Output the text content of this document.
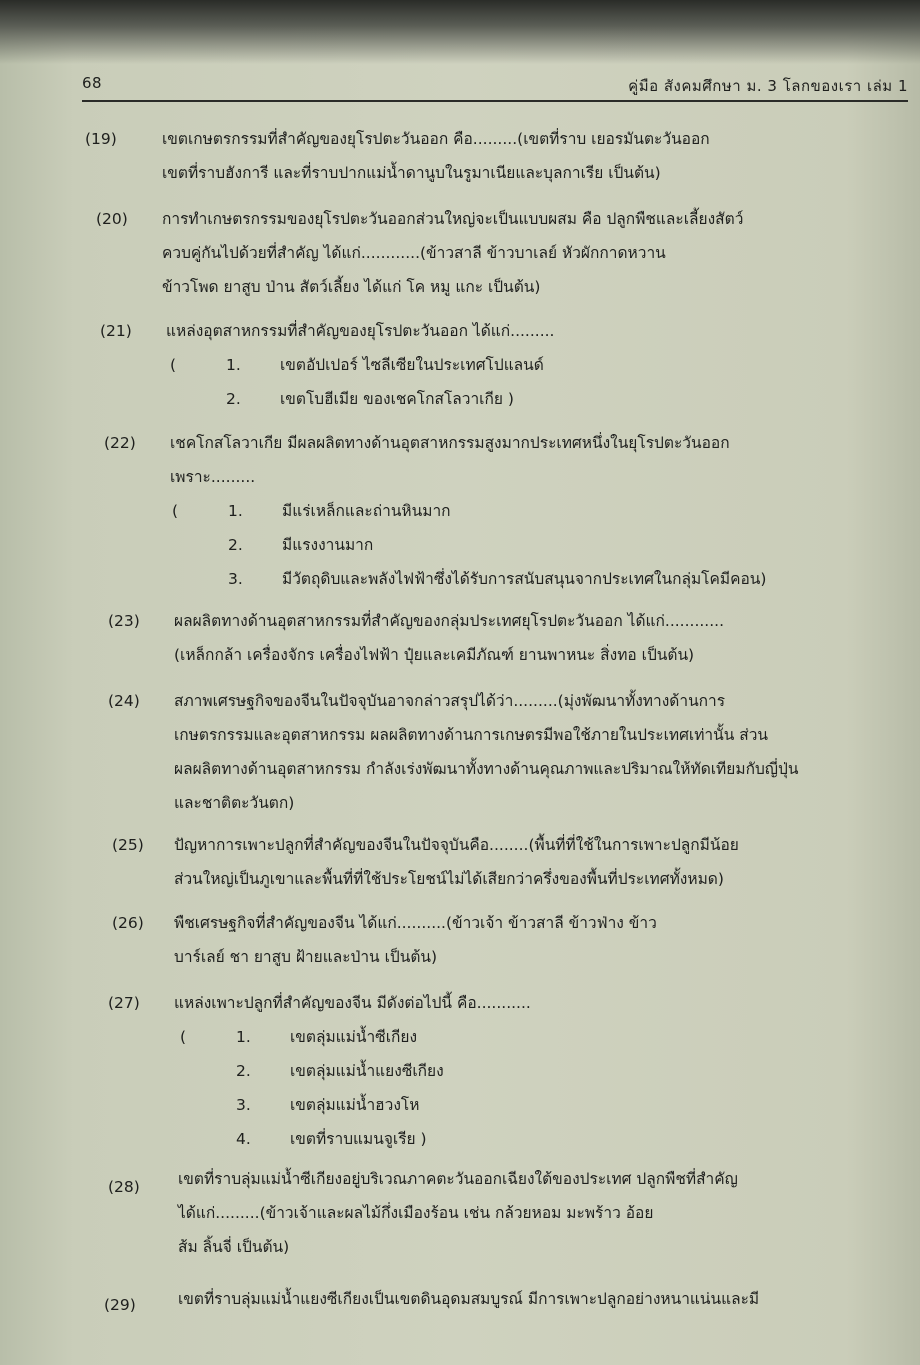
68	คู่มือ สังคมศึกษา ม. 3 โลกของเรา เล่ม 1
(19)	เขตเกษตรกรรมที่สำคัญของยุโรปตะวันออก คือ.........(เขตที่ราบ เยอรมันตะวันออก
เขตที่ราบฮังการี และที่ราบปากแม่น้ำดานูบในรูมาเนียและบุลกาเรีย เป็นต้น)
(20) การทำเกษตรกรรมของยุโรปตะวันออกส่วนใหญ่จะเป็นแบบผสม คือ ปลูกพืชและเลี้ยงสัตว์
ควบคู่กันไปด้วยที่สำคัญ ได้แก่............(ข้าวสาลี ข้าวบาเลย์ หัวผักกาดหวาน
ข้าวโพด ยาสูบ ป่าน สัตว์เลี้ยง ได้แก่ โค หมู แกะ เป็นต้น)
(21) แหล่งอุตสาหกรรมที่สำคัญของยุโรปตะวันออก ได้แก่.........
(	1.	เขตอัปเปอร์ ไซลีเซียในประเทศโปแลนด์
2.	เขตโบฮีเมีย ของเชคโกสโลวาเกีย )
(22) เชคโกสโลวาเกีย มีผลผลิตทางด้านอุตสาหกรรมสูงมากประเทศหนึ่งในยุโรปตะวันออก
เพราะ.........
(	1.	มีแร่เหล็กและถ่านหินมาก
2.	มีแรงงานมาก
3.	มีวัตถุดิบและพลังไฟฟ้าซึ่งได้รับการสนับสนุนจากประเทศในกลุ่มโคมีคอน)
(23) ผลผลิตทางด้านอุตสาหกรรมที่สำคัญของกลุ่มประเทศยุโรปตะวันออก ได้แก่............
(เหล็กกล้า เครื่องจักร เครื่องไฟฟ้า ปุ๋ยและเคมีภัณฑ์ ยานพาหนะ สิ่งทอ เป็นต้น)
(24) สภาพเศรษฐกิจของจีนในปัจจุบันอาจกล่าวสรุปได้ว่า.........(มุ่งพัฒนาทั้งทางด้านการ
เกษตรกรรมและอุตสาหกรรม ผลผลิตทางด้านการเกษตรมีพอใช้ภายในประเทศเท่านั้น ส่วน
ผลผลิตทางด้านอุตสาหกรรม กำลังเร่งพัฒนาทั้งทางด้านคุณภาพและปริมาณให้ทัดเทียมกับญี่ปุ่น
และชาติตะวันตก)
(25) ปัญหาการเพาะปลูกที่สำคัญของจีนในปัจจุบันคือ........(พื้นที่ที่ใช้ในการเพาะปลูกมีน้อย
ส่วนใหญ่เป็นภูเขาและพื้นที่ที่ใช้ประโยชน์ไม่ได้เสียกว่าครึ่งของพื้นที่ประเทศทั้งหมด)
(26) พืชเศรษฐกิจที่สำคัญของจีน ได้แก่..........(ข้าวเจ้า ข้าวสาลี ข้าวฟ่าง ข้าว
บาร์เลย์ ชา ยาสูบ ฝ้ายและป่าน เป็นต้น)
(27) แหล่งเพาะปลูกที่สำคัญของจีน มีดังต่อไปนี้ คือ...........
(	1.	เขตลุ่มแม่น้ำซีเกียง
2.	เขตลุ่มแม่น้ำแยงซีเกียง
3.	เขตลุ่มแม่น้ำฮวงโห
4.	เขตที่ราบแมนจูเรีย )
(28) เขตที่ราบลุ่มแม่น้ำซีเกียงอยู่บริเวณภาคตะวันออกเฉียงใต้ของประเทศ ปลูกพืชที่สำคัญ
ได้แก่.........(ข้าวเจ้าและผลไม้กึ่งเมืองร้อน เช่น กล้วยหอม มะพร้าว อ้อย
ส้ม ลิ้นจี่ เป็นต้น)
(29)	เขตที่ราบลุ่มแม่น้ำแยงซีเกียงเป็นเขตดินอุดมสมบูรณ์ มีการเพาะปลูกอย่างหนาแน่นและมี
